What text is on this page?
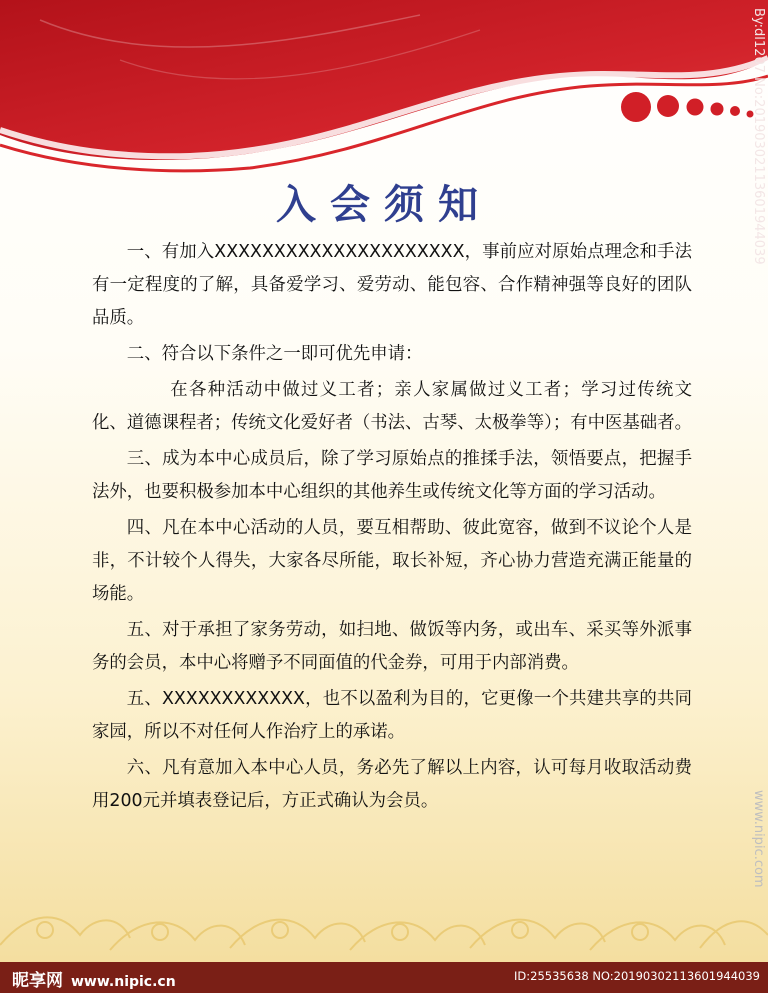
入会须知

一、有加入XXXXXXXXXXXXXXXXXXXXX，事前应对原始点理念和手法有一定程度的了解，具备爱学习、爱劳动、能包容、合作精神强等良好的团队品质。

二、符合以下条件之一即可优先申请：

在各种活动中做过义工者；亲人家属做过义工者；学习过传统文化、道德课程者；传统文化爱好者（书法、古琴、太极拳等）；有中医基础者。

三、成为本中心成员后，除了学习原始点的推揉手法，领悟要点，把握手法外，也要积极参加本中心组织的其他养生或传统文化等方面的学习活动。

四、凡在本中心活动的人员，要互相帮助、彼此宽容，做到不议论个人是非，不计较个人得失，大家各尽所能，取长补短，齐心协力营造充满正能量的场能。

五、对于承担了家务劳动，如扫地、做饭等内务，或出车、采买等外派事务的会员，本中心将赠予不同面值的代金券，可用于内部消费。

五、XXXXXXXXXXXX，也不以盈利为目的，它更像一个共建共享的共同家园，所以不对任何人作治疗上的承诺。

六、凡有意加入本中心人员，务必先了解以上内容，认可每月收取活动费用200元并填表登记后，方正式确认为会员。

昵享网 www.nipic.cn	ID:25535638 NO:20190302113601944039
By:dl1207 No:20190302113601944039
www.nipic.com
